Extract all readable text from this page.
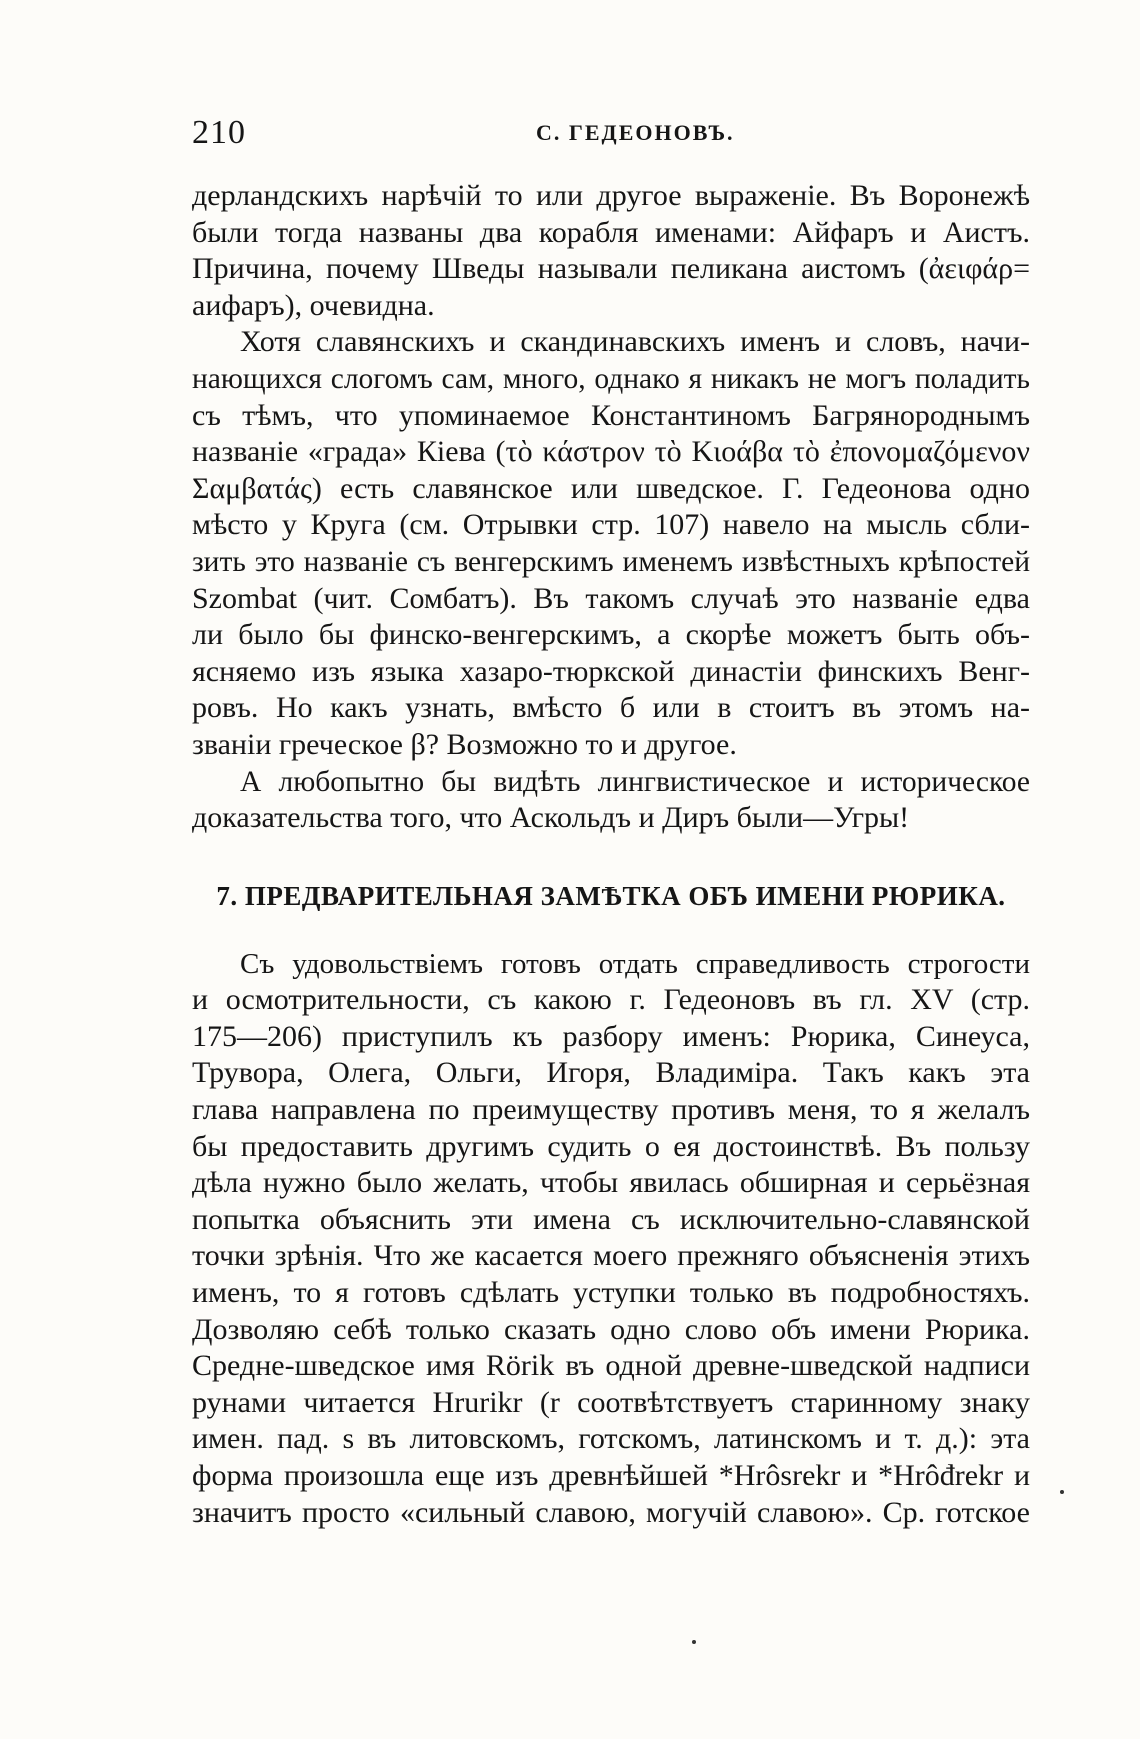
210	С. ГЕДЕОНОВЪ.

дерландскихъ нарѣчій то или другое выраженіе. Въ Воронежѣ
были тогда названы два корабля именами: Айфаръ и Аистъ.
Причина, почему Шведы называли пеликана аистомъ (ἀειφάρ=
аифаръ), очевидна.

Хотя славянскихъ и скандинавскихъ именъ и словъ, начи-
нающихся слогомъ сам, много, однако я никакъ не могъ поладить
съ тѣмъ, что упоминаемое Константиномъ Багрянороднымъ
названіе «града» Кіева (τὸ κάστρον τὸ Κιοάβα τὸ ἐπονομαζόμενον
Σαμβατάς) есть славянское или шведское. Г. Гедеонова одно
мѣсто у Круга (см. Отрывки стр. 107) навело на мысль сбли-
зить это названіе съ венгерскимъ именемъ извѣстныхъ крѣпостей
Szombat (чит. Сомбатъ). Въ такомъ случаѣ это названіе едва
ли было бы финско-венгерскимъ, а скорѣе можетъ быть объ-
ясняемо изъ языка хазаро-тюркской династіи финскихъ Венг-
ровъ. Но какъ узнать, вмѣсто б или в стоитъ въ этомъ на-
званіи греческое β? Возможно то и другое.

А любопытно бы видѣть лингвистическое и историческое
доказательства того, что Аскольдъ и Диръ были—Угры!

7. ПРЕДВАРИТЕЛЬНАЯ ЗАМѢТКА ОБЪ ИМЕНИ РЮРИКА.

Съ удовольствіемъ готовъ отдать справедливость строгости
и осмотрительности, съ какою г. Гедеоновъ въ гл. XV (стр.
175—206) приступилъ къ разбору именъ: Рюрика, Синеуса,
Трувора, Олега, Ольги, Игоря, Владиміра. Такъ какъ эта
глава направлена по преимуществу противъ меня, то я желалъ
бы предоставить другимъ судить о ея достоинствѣ. Въ пользу
дѣла нужно было желать, чтобы явилась обширная и серьёзная
попытка объяснить эти имена съ исключительно-славянской
точки зрѣнія. Что же касается моего прежняго объясненія этихъ
именъ, то я готовъ сдѣлать уступки только въ подробностяхъ.
Дозволяю себѣ только сказать одно слово объ имени Рюрика.
Средне-шведское имя Rörik въ одной древне-шведской надписи
рунами читается Hrurikr (r соотвѣтствуетъ старинному знаку
имен. пад. s въ литовскомъ, готскомъ, латинскомъ и т. д.): эта
форма произошла еще изъ древнѣйшей *Hrôsrekr и *Hrôđrekr и
значитъ просто «сильный славою, могучій славою». Ср. готское
